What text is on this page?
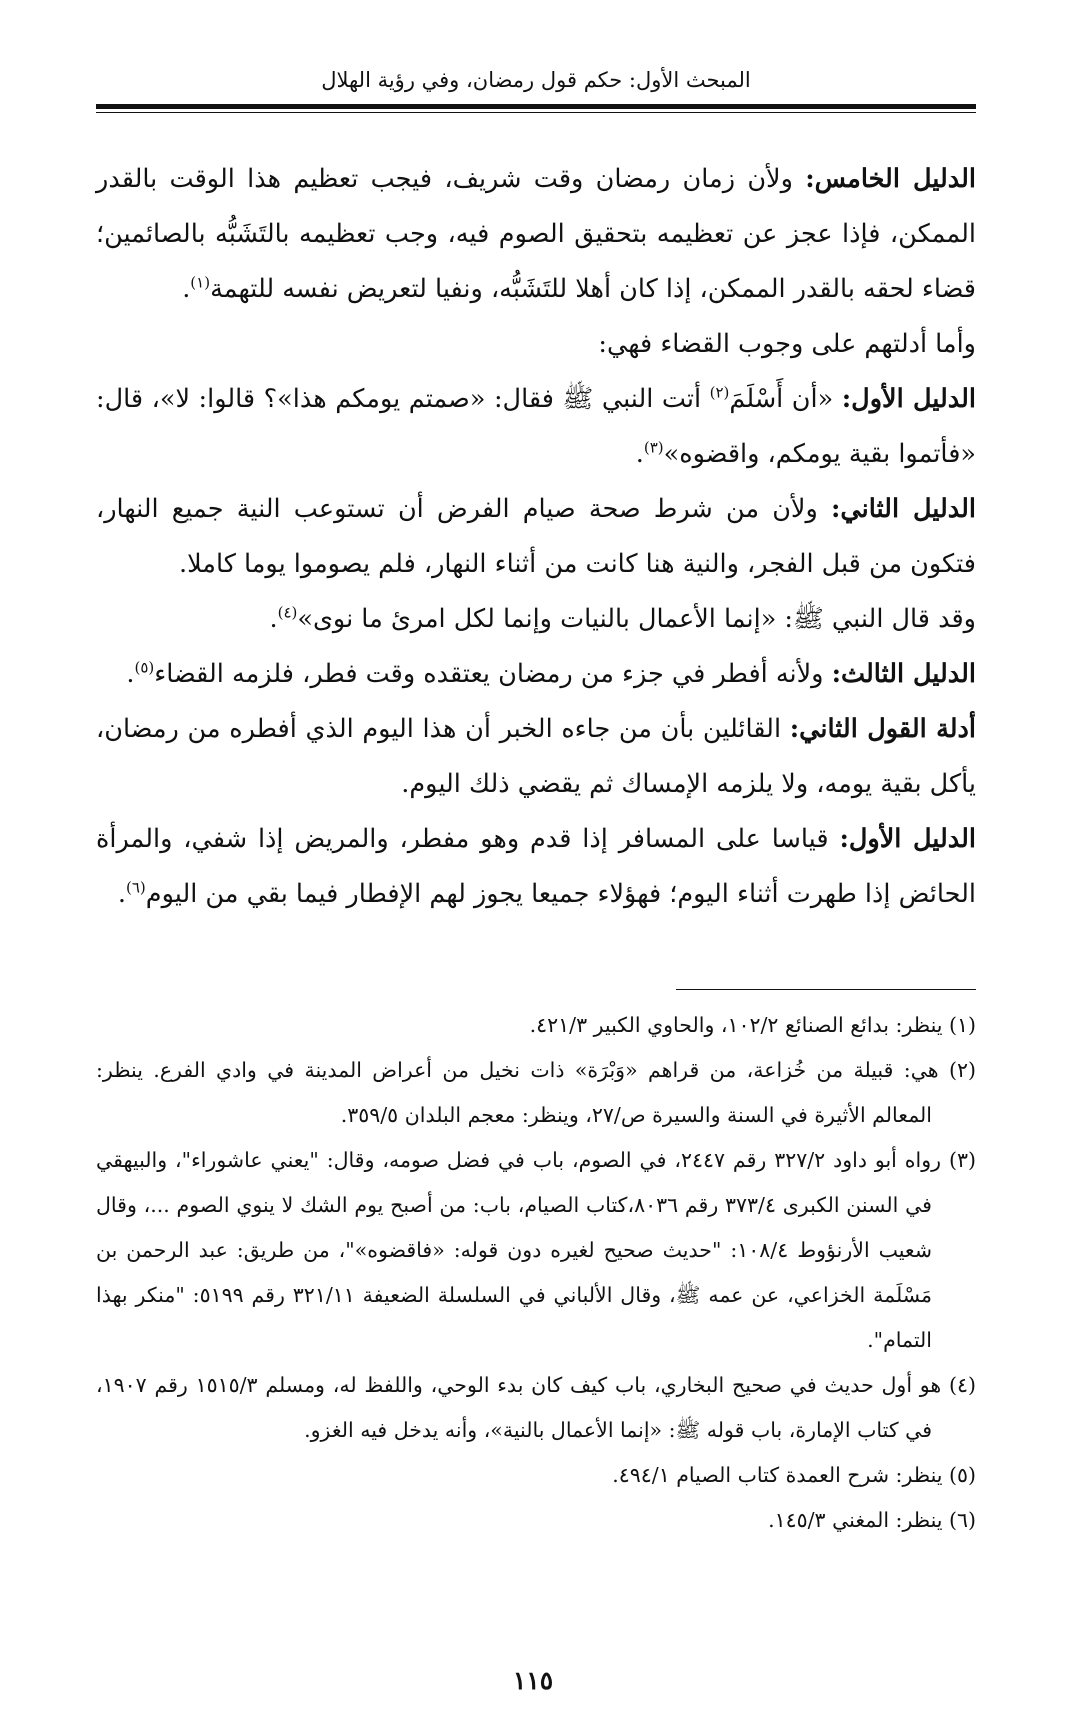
المبحث الأول: حكم قول رمضان، وفي رؤية الهلال

الدليل الخامس: ولأن زمان رمضان وقت شريف، فيجب تعظيم هذا الوقت بالقدر الممكن، فإذا عجز عن تعظيمه بتحقيق الصوم فيه، وجب تعظيمه بالتَشَبُّه بالصائمين؛ قضاء لحقه بالقدر الممكن، إذا كان أهلا للتَشَبُّه، ونفيا لتعريض نفسه للتهمة$^{(١)}$.

وأما أدلتهم على وجوب القضاء فهي:

الدليل الأول: «أن أَسْلَمَ$^{(٢)}$ أتت النبي ﷺ فقال: «صمتم يومكم هذا»؟ قالوا: لا»، قال: «فأتموا بقية يومكم، واقضوه»$^{(٣)}$.

الدليل الثاني: ولأن من شرط صحة صيام الفرض أن تستوعب النية جميع النهار، فتكون من قبل الفجر، والنية هنا كانت من أثناء النهار، فلم يصوموا يوما كاملا.

وقد قال النبي ﷺ: «إنما الأعمال بالنيات وإنما لكل امرئ ما نوى»$^{(٤)}$.

الدليل الثالث: ولأنه أفطر في جزء من رمضان يعتقده وقت فطر، فلزمه القضاء$^{(٥)}$.

أدلة القول الثاني: القائلين بأن من جاءه الخبر أن هذا اليوم الذي أفطره من رمضان، يأكل بقية يومه، ولا يلزمه الإمساك ثم يقضي ذلك اليوم.

الدليل الأول: قياسا على المسافر إذا قدم وهو مفطر، والمريض إذا شفي، والمرأة الحائض إذا طهرت أثناء اليوم؛ فهؤلاء جميعا يجوز لهم الإفطار فيما بقي من اليوم$^{(٦)}$.

(١) ينظر: بدائع الصنائع ١٠٢/٢، والحاوي الكبير ٤٢١/٣.

(٢) هي: قبيلة من خُزاعة، من قراهم «وَبْرَة» ذات نخيل من أعراض المدينة في وادي الفرع. ينظر: المعالم الأثيرة في السنة والسيرة ص/٢٧، وينظر: معجم البلدان ٣٥٩/٥.

(٣) رواه أبو داود ٣٢٧/٢ رقم ٢٤٤٧، في الصوم، باب في فضل صومه، وقال: "يعني عاشوراء"، والبيهقي في السنن الكبرى ٣٧٣/٤ رقم ٨٠٣٦،كتاب الصيام، باب: من أصبح يوم الشك لا ينوي الصوم ...، وقال شعيب الأرنؤوط ١٠٨/٤: "حديث صحيح لغيره دون قوله: «فاقضوه»"، من طريق: عبد الرحمن بن مَسْلَمة الخزاعي، عن عمه ﷺ، وقال الألباني في السلسلة الضعيفة ٣٢١/١١ رقم ٥١٩٩: "منكر بهذا التمام".

(٤) هو أول حديث في صحيح البخاري، باب كيف كان بدء الوحي، واللفظ له، ومسلم ١٥١٥/٣ رقم ١٩٠٧، في كتاب الإمارة، باب قوله ﷺ: «إنما الأعمال بالنية»، وأنه يدخل فيه الغزو.

(٥) ينظر: شرح العمدة كتاب الصيام ٤٩٤/١.

(٦) ينظر: المغني ١٤٥/٣.

١١٥
